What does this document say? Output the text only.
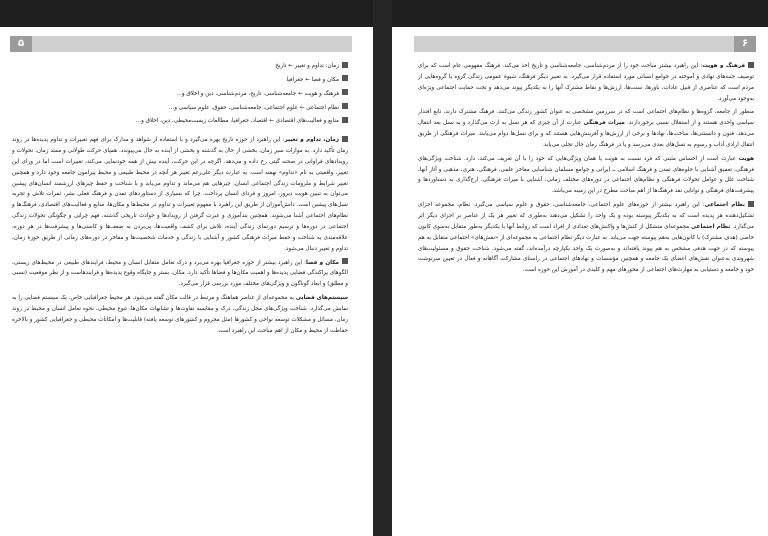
۵

زمان: تداوم و تغییر ← تاریخ

مکان و فضا ← جغرافیا

فرهنگ و هویت ← جامعه‌شناسی، تاریخ، مردم‌شناسی، دین و اخلاق و...

نظام اجتماعی ← علوم اجتماعی، جامعه‌شناسی، حقوق، علوم سیاسی و...

منابع و فعالیت‌های اقتصادی ← اقتصاد، جغرافیا، مطالعات زیست‌محیطی، دین، اخلاق و...

زمان، تداوم و تغییر: این راهبرد از حوزه تاریخ بهره می‌گیرد و با استفاده از شواهد و مدارک برای فهم تغییرات و تداوم پدیده‌ها در روند زمان تأکید دارد. به موازات سیر زمان، بخشی از حال به گذشته و بخشی از آینده به حال می‌پیوندد. همپای حرکت طولانی و ممتد زمان، تحولات و رویدادهای فراوانی در صحنه گیتی رخ داده و می‌دهد. اگرچه در این حرکت، آینده بیش از همه خودنمایی می‌کند، تغییرات است اما در ورای این تغییر، واقعیتی به نام «تداوم» نهفته است. به عبارت دیگر علی‌رغم تغییر هر آنچه در محیط طبیعی و محیط پیرامون جامعه وجود دارد و همچنین تغییر شرایط و ملزومات زندگی اجتماعی انسان، چیزهایی هم می‌ماند و تداوم می‌یابد و با شناخت و حفظ چیزهای ارزشمند انسان‌های پیشین می‌توان به تبیین هویت دیروز، امروز و فردای انسان پرداخت. چرا که بسیاری از دستاوردهای تمدن و فرهنگ فعلی بشر، ثمرات تلاش و تجربه نسل‌های پیشین است. دانش‌آموزان از طریق این راهبرد با مفهوم تغییرات و تداوم در محیط‌ها و مکان‌ها، منابع و فعالیت‌های اقتصادی، فرهنگ‌ها و نظام‌های اجتماعی آشنا می‌شوند. همچنین بتدآموزی و عبرت گرفتن از رویدادها و حوادث تاریخی گذشته، فهم چرایی و چگونگی تحولات زندگی اجتماعی در دوره‌ها و ترسیم دورنمای زندگی آینده، تلاش برای کشف واقعیت‌ها، پی‌بردن به ضعف‌ها و کاستی‌ها و پیشرفت‌ها در هر دوره، علاقه‌مندی به شناخت و حفظ میراث فرهنگی کشور و آشنایی با زندگی و خدمات شخصیت‌ها و مفاخر در دوره‌های زمانی از طریق حوزهٔ زمان، تداوم و تغییر دنبال می‌شود.

مکان و فضا: این راهبرد بیشتر از حوزه جغرافیا بهره می‌برد و درک تعامل متقابل انسان و محیط، فرایندهای طبیعی در محیط‌های زیستی، الگوهای پراکندگی فضایی پدیده‌ها و اهمیت مکان‌ها و فضاها تأکید دارد. مکان، بستر و جایگاه وقوع پدیده‌ها و فرایندهاست و از نظر موقعیت (نسبی و مطلق) و ابعاد گوناگون و ویژگی‌های مختلف مورد بررسی قرار می‌گیرد.

سیستم‌های فضایی به مجموعه‌ای از عناصر هماهنگ و مرتبط در قالب مکان گفته می‌شود. هر محیط جغرافیایی خاص، یک سیستم فضایی را به نمایش می‌گذارد. شناخت ویژگی‌های محل زندگی، درک و مقایسه تفاوت‌ها و تشابهات مکان‌ها، تنوع محیطی، نحوه تعامل انسان و محیط در روند زمان، مسائل و مشکلات توسعه نواحی و کشورها (مثل محروم و کشورهای توسعه یافته) قابلیت‌ها و امکانات محیطی و جغرافیایی کشور و بالاخره حفاظت از محیط و مکان از اهم مباحث این راهبرد است.

۶

فرهنگ و هویت: این راهبرد بیشتر مباحث خود را از مردم‌شناسی، جامعه‌شناسی و تاریخ اخذ می‌کند. فرهنگ مفهومی عام است که برای توصیف جنبه‌های نهادی و آموخته در جوامع انسانی مورد استفاده قرار می‌گیرد. به تعبیر دیگر فرهنگ، شیوهٔ عمومی زندگی گروه یا گروه‌هایی از مردم است که عناصری از قبیل عادات، باورها، سنت‌ها، ارزش‌ها و نقاط مشترک آنها را به یکدیگر پیوند می‌دهد و تحت حمایت اجتماعی ویژه‌ای به‌وجود می‌آورد.

منظور از جامعه، گروه‌ها و نظام‌های اجتماعی است که در سرزمین مشخصی به عنوان کشور زندگی می‌کنند. فرهنگ مشترک دارند، تابع اقتدار سیاسی واحدی هستند و از استقلال نسبی برخوردارند. میراث فرهنگی عبارت از آن چیزی که هر نسل به ارث می‌گذارد و به نسل بعد انتقال می‌دهد. فنون و دانستنی‌ها، ساخت‌ها، نهادها و برخی از ارزش‌ها و آفرینش‌هایی هستند که و برای نسل‌ها دوام می‌یابند. میراث فرهنگی از طریق انتقال ارادی آداب و رسوم به نسل‌های بعدی می‌رسد و یا در فرهنگ زمان حال تجلی می‌یابد.

هویت عبارت است از احساس مثبتی که فرد نسبت به هویت یا همان ویژگی‌هایی که خود را با آن تعریف می‌کند، دارد. شناخت ویژگی‌های فرهنگی، تعمیق آشنایی با جلوه‌های تمدن و فرهنگ اسلامی ــ ایرانی و جوامع مسلمان شناسایی مفاخر علمی، فرهنگی، هنری، مذهبی و آثار آنها، شناخت علل و عوامل تحولات فرهنگی و نظام‌های اجتماعی در دوره‌های مختلف زمانی، آشنایی با میراث فرهنگی، ارج‌گذاری به دستاوردها و پیشرفت‌های فرهنگی و توانایی نقد فرهنگ‌ها از اهم مباحث مطرح در این زمینه می‌باشد.

نظام اجتماعی: این راهبرد بیشتر از حوزه‌های علوم اجتماعی، جامعه‌شناسی، حقوق و علوم سیاسی می‌گیرد. نظام، مجموعه اجزای تشکیل‌دهنده هر پدیده است که به یکدیگر پیوسته بوده و یک واحد را تشکیل می‌دهند به‌طوری که تغییر هر یک از عناصر بر اجزای دیگر اثر می‌گذارد. نظام اجتماعی مجموعه‌ای متشکل از کنش‌ها و واکنش‌های تعدادی از افراد است که روابط آنها با یکدیگر به‌طور متقابل به‌سوی کانون خاصی (هدف مشترک) با کانون‌هایی به‌هم پیوسته جهت می‌یابد. به عبارت دیگر نظام اجتماعی به مجموعه‌ای از «نقش‌های» اجتماعی متقابل به هم پیوسته که در جهت هدفی مشخص به هم پیوند یافته‌اند و به‌صورت یک واحد یکپارچه درآمده‌اند، گفته می‌شود. شناخت حقوق و مسئولیت‌های شهروندی به‌عنوان نقش‌های اعضای یک جامعه و همچنین مؤسسات و نهادهای اجتماعی در راستای مشارکت آگاهانه و فعال در تعیین سرنوشت خود و جامعه و دستیابی به مهارت‌های اجتماعی از محورهای مهم و کلیدی در آموزش این حوزه است.
